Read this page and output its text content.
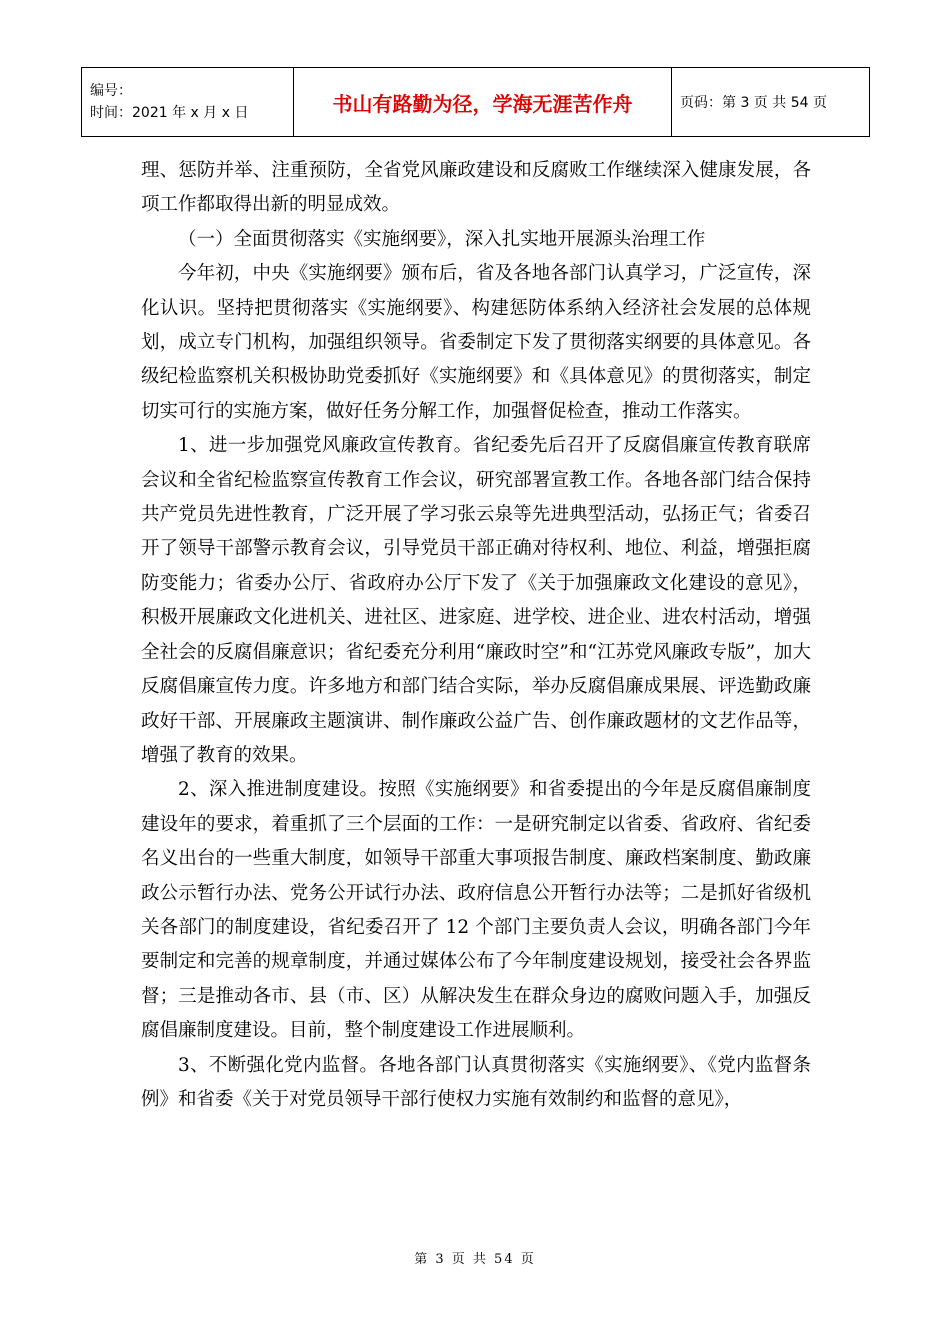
编号：
时间：2021 年 x 月 x 日	书山有路勤为径，学海无涯苦作舟	页码：第 3 页 共 54 页

理、惩防并举、注重预防，全省党风廉政建设和反腐败工作继续深入健康发展，各项工作都取得出新的明显成效。

（一）全面贯彻落实《实施纲要》，深入扎实地开展源头治理工作

今年初，中央《实施纲要》颁布后，省及各地各部门认真学习，广泛宣传，深化认识。坚持把贯彻落实《实施纲要》、构建惩防体系纳入经济社会发展的总体规划，成立专门机构，加强组织领导。省委制定下发了贯彻落实纲要的具体意见。各级纪检监察机关积极协助党委抓好《实施纲要》和《具体意见》的贯彻落实，制定切实可行的实施方案，做好任务分解工作，加强督促检查，推动工作落实。

1、进一步加强党风廉政宣传教育。省纪委先后召开了反腐倡廉宣传教育联席会议和全省纪检监察宣传教育工作会议，研究部署宣教工作。各地各部门结合保持共产党员先进性教育，广泛开展了学习张云泉等先进典型活动，弘扬正气；省委召开了领导干部警示教育会议，引导党员干部正确对待权利、地位、利益，增强拒腐防变能力；省委办公厅、省政府办公厅下发了《关于加强廉政文化建设的意见》，积极开展廉政文化进机关、进社区、进家庭、进学校、进企业、进农村活动，增强全社会的反腐倡廉意识；省纪委充分利用“廉政时空”和“江苏党风廉政专版”，加大反腐倡廉宣传力度。许多地方和部门结合实际，举办反腐倡廉成果展、评选勤政廉政好干部、开展廉政主题演讲、制作廉政公益广告、创作廉政题材的文艺作品等，增强了教育的效果。

2、深入推进制度建设。按照《实施纲要》和省委提出的今年是反腐倡廉制度建设年的要求，着重抓了三个层面的工作：一是研究制定以省委、省政府、省纪委名义出台的一些重大制度，如领导干部重大事项报告制度、廉政档案制度、勤政廉政公示暂行办法、党务公开试行办法、政府信息公开暂行办法等；二是抓好省级机关各部门的制度建设，省纪委召开了 12 个部门主要负责人会议，明确各部门今年要制定和完善的规章制度，并通过媒体公布了今年制度建设规划，接受社会各界监督；三是推动各市、县（市、区）从解决发生在群众身边的腐败问题入手，加强反腐倡廉制度建设。目前，整个制度建设工作进展顺利。

3、不断强化党内监督。各地各部门认真贯彻落实《实施纲要》、《党内监督条例》和省委《关于对党员领导干部行使权力实施有效制约和监督的意见》，

第 3 页 共 54 页
